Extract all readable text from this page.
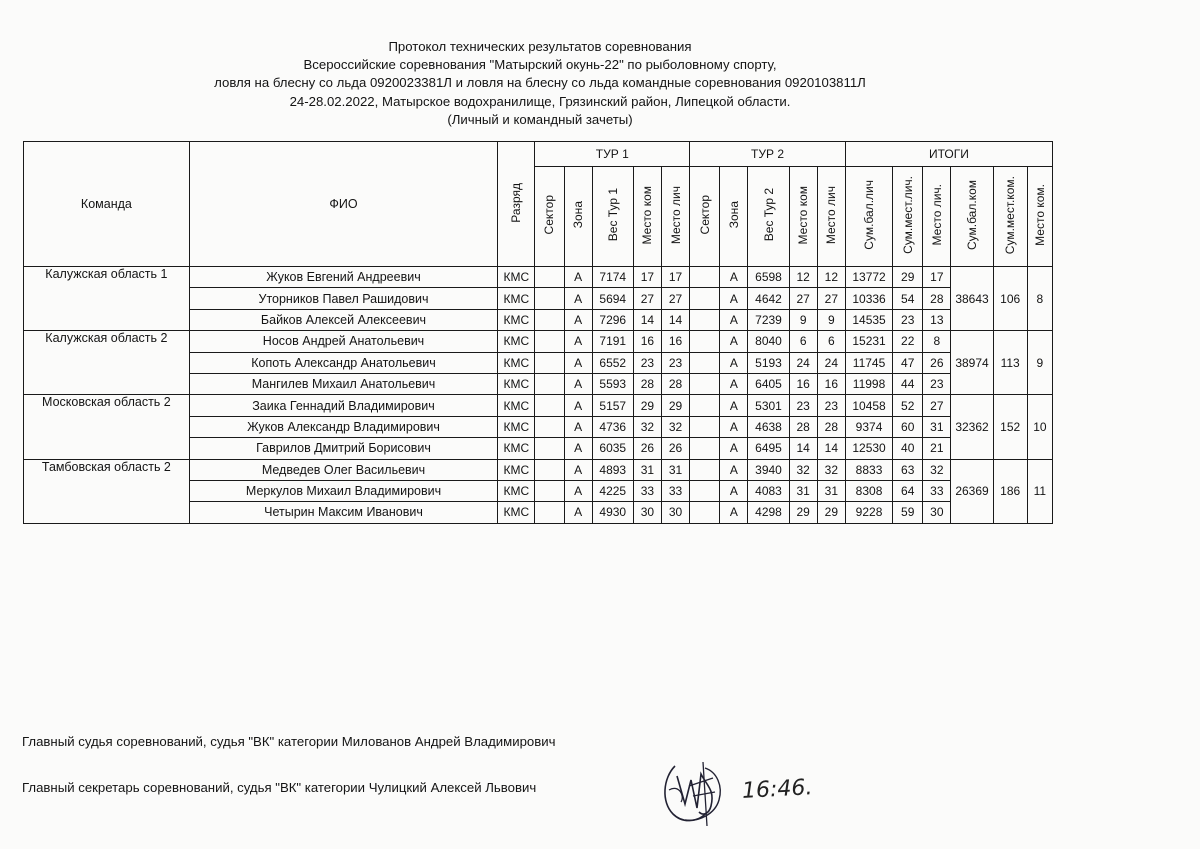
Протокол технических результатов соревнования
Всероссийские соревнования "Матырский окунь-22" по рыболовному спорту,
ловля на блесну со льда 0920023381Л и ловля на блесну со льда командные соревнования 0920103811Л
24-28.02.2022, Матырское водохранилище, Грязинский район, Липецкой области.
(Личный и командный зачеты)
Команда	ФИО	Разряд	ТУР 1					ТУР 2					ИТОГИ					
			Сектор	Зона	Вес Тур 1	Место ком	Место лич	Сектор	Зона	Вес Тур 2	Место ком	Место лич	Сум.бал.лич	Сум.мест.лич.	Место лич.	Сум.бал.ком	Сум.мест.ком.	Место ком.
Калужская область 1	Жуков Евгений Андреевич	КМС		А	7174	17	17		А	6598	12	12	13772	29	17	38643	106	8
	Уторников Павел Рашидович	КМС		А	5694	27	27		А	4642	27	27	10336	54	28			
	Байков Алексей Алексеевич	КМС		А	7296	14	14		А	7239	9	9	14535	23	13			
Калужская область 2	Носов Андрей Анатольевич	КМС		А	7191	16	16		А	8040	6	6	15231	22	8	38974	113	9
	Копоть Александр Анатольевич	КМС		А	6552	23	23		А	5193	24	24	11745	47	26			
	Мангилев Михаил Анатольевич	КМС		А	5593	28	28		А	6405	16	16	11998	44	23			
Московская область 2	Заика Геннадий Владимирович	КМС		А	5157	29	29		А	5301	23	23	10458	52	27	32362	152	10
	Жуков Александр Владимирович	КМС		А	4736	32	32		А	4638	28	28	9374	60	31			
	Гаврилов Дмитрий Борисович	КМС		А	6035	26	26		А	6495	14	14	12530	40	21			
Тамбовская область 2	Медведев Олег Васильевич	КМС		А	4893	31	31		А	3940	32	32	8833	63	32	26369	186	11
	Меркулов Михаил Владимирович	КМС		А	4225	33	33		А	4083	31	31	8308	64	33			
	Четырин Максим Иванович	КМС		А	4930	30	30		А	4298	29	29	9228	59	30			
Главный судья соревнований, судья "ВК" категории Милованов Андрей Владимирович
Главный секретарь соревнований, судья "ВК" категории Чулицкий Алексей Львович	16:46.
